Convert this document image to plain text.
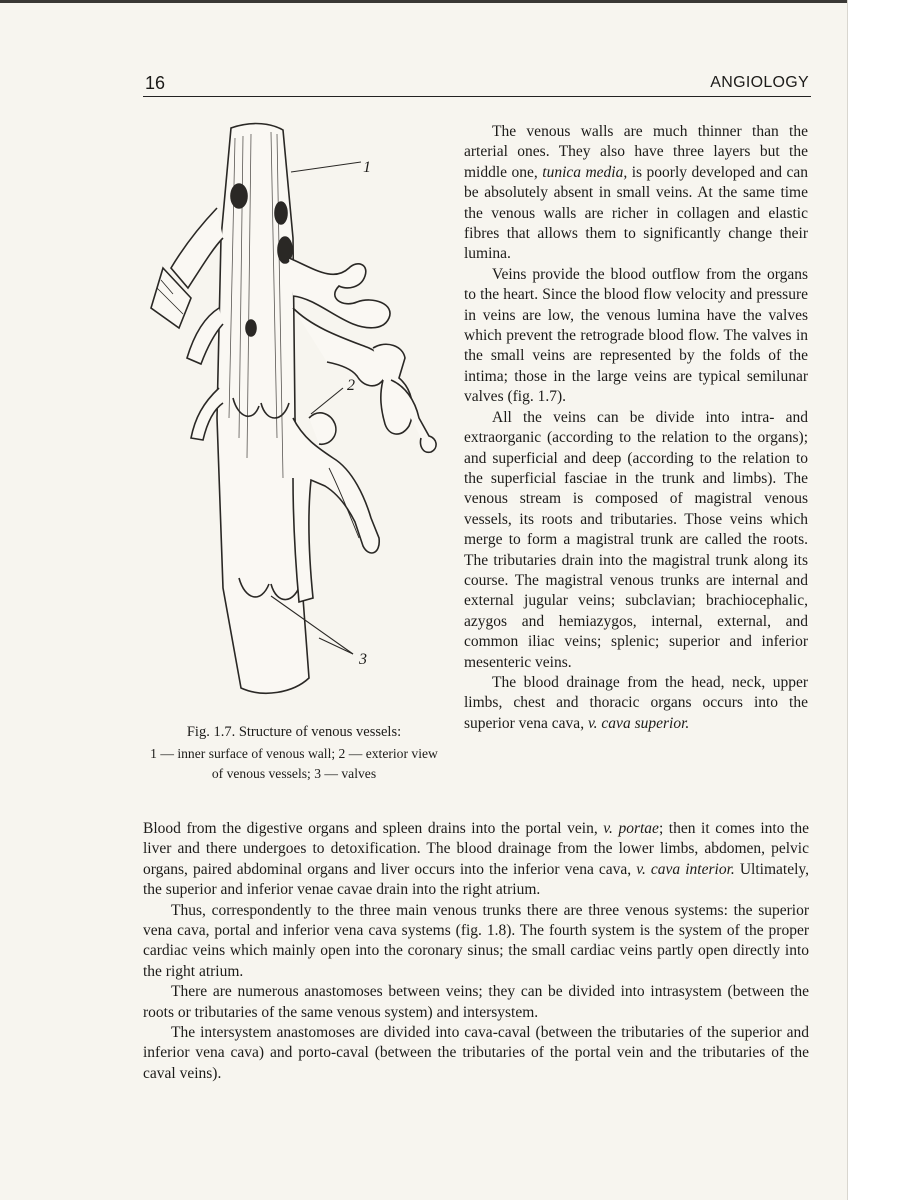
16	ANGIOLOGY
1
2
3
Fig. 1.7. Structure of venous vessels:
1 — inner surface of venous wall; 2 — exterior view of venous vessels; 3 — valves

The venous walls are much thinner than the arterial ones. They also have three layers but the middle one, tunica media, is poorly developed and can be absolutely absent in small veins. At the same time the venous walls are richer in collagen and elastic fibres that allows them to significantly change their lumina.

Veins provide the blood outflow from the organs to the heart. Since the blood flow velocity and pressure in veins are low, the venous lumina have the valves which prevent the retrograde blood flow. The valves in the small veins are represented by the folds of the intima; those in the large veins are typical semilunar valves (fig. 1.7).

All the veins can be divide into intra- and extraorganic (according to the relation to the organs); and superficial and deep (according to the relation to the superficial fasciae in the trunk and limbs). The venous stream is composed of magistral venous vessels, its roots and tributaries. Those veins which merge to form a magistral trunk are called the roots. The tributaries drain into the magistral trunk along its course. The magistral venous trunks are internal and external jugular veins; subclavian; brachiocephalic, azygos and hemiazygos, internal, external, and common iliac veins; splenic; superior and inferior mesenteric veins.

The blood drainage from the head, neck, upper limbs, chest and thoracic organs occurs into the superior vena cava, v. cava superior.

Blood from the digestive organs and spleen drains into the portal vein, v. portae; then it comes into the liver and there undergoes to detoxification. The blood drainage from the lower limbs, abdomen, pelvic organs, paired abdominal organs and liver occurs into the inferior vena cava, v. cava interior. Ultimately, the superior and inferior venae cavae drain into the right atrium.

Thus, correspondently to the three main venous trunks there are three venous systems: the superior vena cava, portal and inferior vena cava systems (fig. 1.8). The fourth system is the system of the proper cardiac veins which mainly open into the coronary sinus; the small cardiac veins partly open directly into the right atrium.

There are numerous anastomoses between veins; they can be divided into intrasystem (between the roots or tributaries of the same venous system) and intersystem.

The intersystem anastomoses are divided into cava-caval (between the tributaries of the superior and inferior vena cava) and porto-caval (between the tributaries of the portal vein and the tributaries of the caval veins).
